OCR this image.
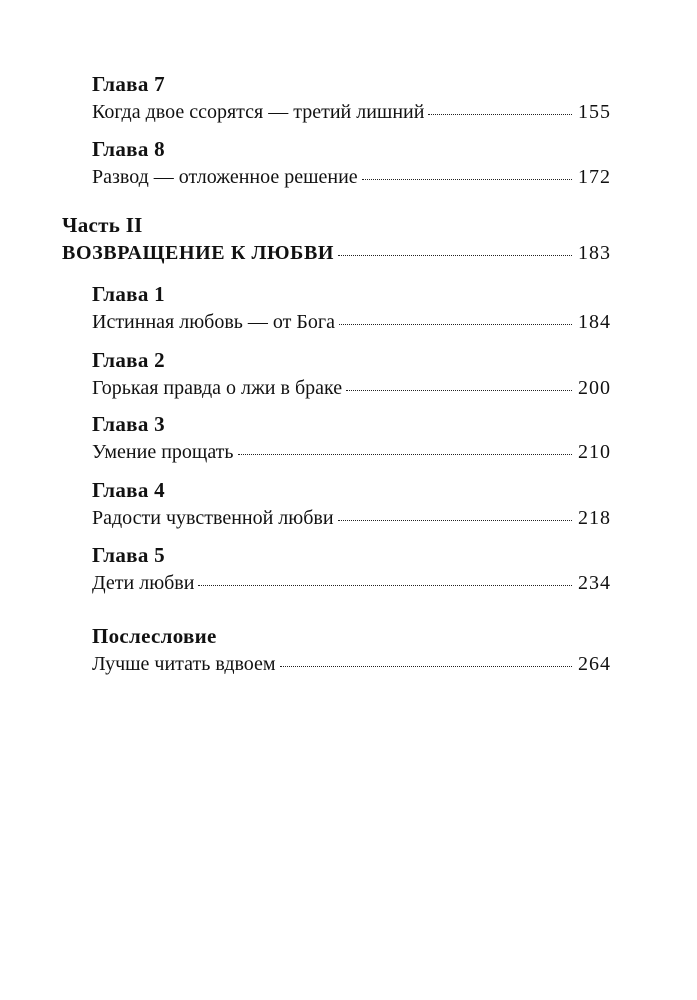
Глава 7
Когда двое ссорятся — третий лишний	155
Глава 8
Развод — отложенное решение	172
Часть II
ВОЗВРАЩЕНИЕ К ЛЮБВИ	183
Глава 1
Истинная любовь — от Бога	184
Глава 2
Горькая правда о лжи в браке	200
Глава 3
Умение прощать	210
Глава 4
Радости чувственной любви	218
Глава 5
Дети любви	234
Послесловие
Лучше читать вдвоем	264
